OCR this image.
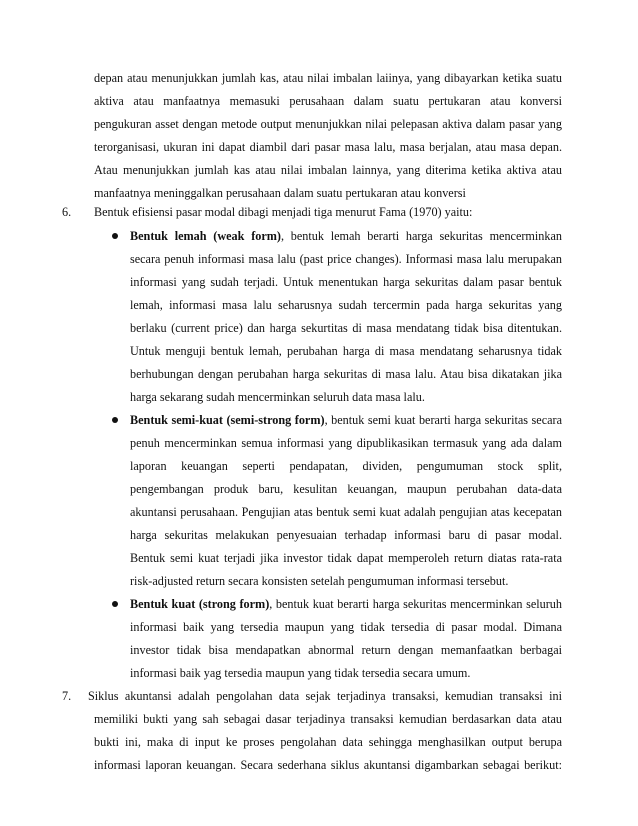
depan atau menunjukkan jumlah kas, atau nilai imbalan laiinya, yang dibayarkan ketika suatu
aktiva atau manfaatnya memasuki perusahaan dalam suatu pertukaran atau konversi
pengukuran asset dengan metode output menunjukkan nilai pelepasan aktiva dalam pasar yang
terorganisasi, ukuran ini dapat diambil dari pasar masa lalu, masa berjalan, atau masa depan.
Atau menunjukkan jumlah kas atau nilai imbalan lainnya, yang diterima ketika aktiva atau
manfaatnya meninggalkan perusahaan dalam suatu pertukaran atau konversi
6. Bentuk efisiensi pasar modal dibagi menjadi tiga menurut Fama (1970) yaitu:
Bentuk lemah (weak form), bentuk lemah berarti harga sekuritas mencerminkan
secara penuh informasi masa lalu (past price changes). Informasi masa lalu merupakan
informasi yang sudah terjadi. Untuk menentukan harga sekuritas dalam pasar bentuk
lemah, informasi masa lalu seharusnya sudah tercermin pada harga sekuritas yang
berlaku (current price) dan harga sekurtitas di masa mendatang tidak bisa ditentukan.
Untuk menguji bentuk lemah, perubahan harga di masa mendatang seharusnya tidak
berhubungan dengan perubahan harga sekuritas di masa lalu. Atau bisa dikatakan jika
harga sekarang sudah mencerminkan seluruh data masa lalu.
Bentuk semi-kuat (semi-strong form), bentuk semi kuat berarti harga sekuritas secara
penuh mencerminkan semua informasi yang dipublikasikan termasuk yang ada dalam
laporan keuangan seperti pendapatan, dividen, pengumuman stock split,
pengembangan produk baru, kesulitan keuangan, maupun perubahan data-data
akuntansi perusahaan. Pengujian atas bentuk semi kuat adalah pengujian atas kecepatan
harga sekuritas melakukan penyesuaian terhadap informasi baru di pasar modal.
Bentuk semi kuat terjadi jika investor tidak dapat memperoleh return diatas rata-rata
risk-adjusted return secara konsisten setelah pengumuman informasi tersebut.
Bentuk kuat (strong form), bentuk kuat berarti harga sekuritas mencerminkan seluruh
informasi baik yang tersedia maupun yang tidak tersedia di pasar modal. Dimana
investor tidak bisa mendapatkan abnormal return dengan memanfaatkan berbagai
informasi baik yag tersedia maupun yang tidak tersedia secara umum.
7. Siklus akuntansi adalah pengolahan data sejak terjadinya transaksi, kemudian transaksi ini
memiliki bukti yang sah sebagai dasar terjadinya transaksi kemudian berdasarkan data atau
bukti ini, maka di input ke proses pengolahan data sehingga menghasilkan output berupa
informasi laporan keuangan. Secara sederhana siklus akuntansi digambarkan sebagai berikut:
